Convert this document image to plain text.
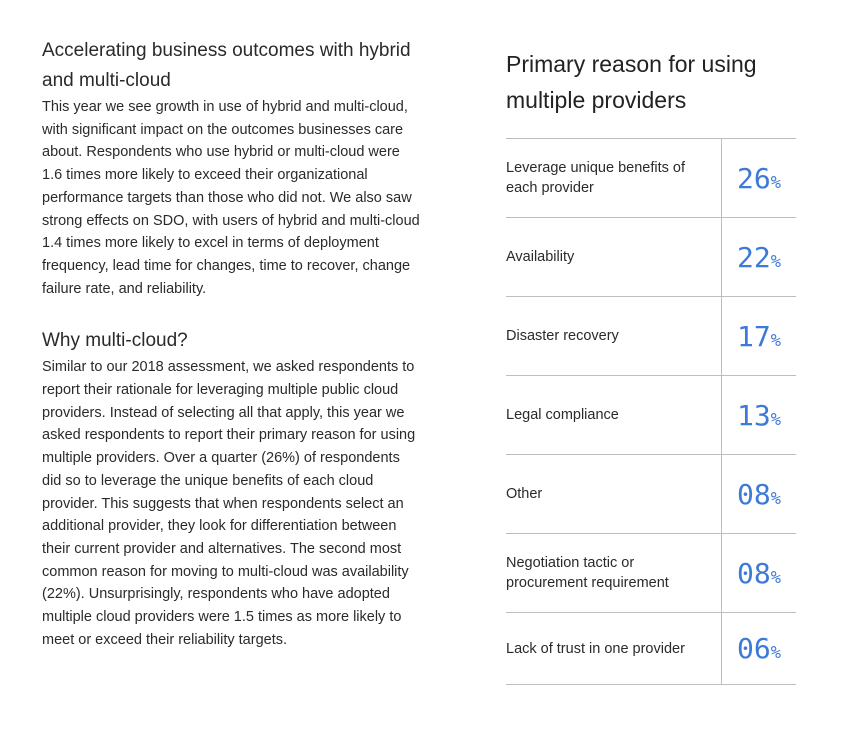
Accelerating business outcomes with hybrid and multi-cloud

This year we see growth in use of hybrid and multi-cloud, with significant impact on the outcomes businesses care about. Respondents who use hybrid or multi-cloud were 1.6 times more likely to exceed their organizational performance targets than those who did not. We also saw strong effects on SDO, with users of hybrid and multi-cloud 1.4 times more likely to excel in terms of deployment frequency, lead time for changes, time to recover, change failure rate, and reliability.

Why multi-cloud?

Similar to our 2018 assessment, we asked respondents to report their rationale for leveraging multiple public cloud providers. Instead of selecting all that apply, this year we asked respondents to report their primary reason for using multiple providers. Over a quarter (26%) of respondents did so to leverage the unique benefits of each cloud provider. This suggests that when respondents select an additional provider, they look for differentiation between their current provider and alternatives. The second most common reason for moving to multi-cloud was availability (22%). Unsurprisingly, respondents who have adopted multiple cloud providers were 1.5 times as more likely to meet or exceed their reliability targets.

Primary reason for using multiple providers
Leverage unique benefits of each provider	26%
Availability	22%
Disaster recovery	17%
Legal compliance	13%
Other	08%
Negotiation tactic or procurement requirement	08%
Lack of trust in one provider	06%
